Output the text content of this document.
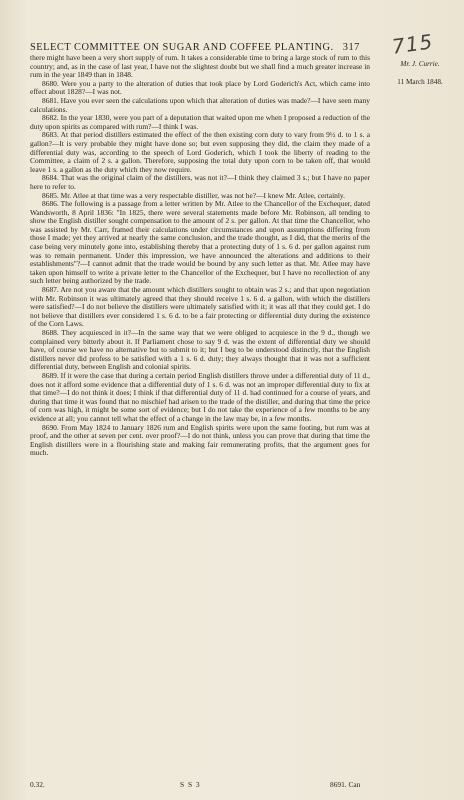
SELECT COMMITTEE ON SUGAR AND COFFEE PLANTING. 317 715
Mr. J. Currie.
11 March 1848.

there might have been a very short supply of rum. It takes a considerable time to bring a large stock of rum to this country; and, as in the case of last year, I have not the slightest doubt but we shall find a much greater increase in rum in the year 1849 than in 1848.

8680. Were you a party to the alteration of duties that took place by Lord Goderich's Act, which came into effect about 1828?—I was not.

8681. Have you ever seen the calculations upon which that alteration of duties was made?—I have seen many calculations.

8682. In the year 1830, were you part of a deputation that waited upon me when I proposed a reduction of the duty upon spirits as compared with rum?—I think I was.

8683. At that period distillers estimated the effect of the then existing corn duty to vary from 9½ d. to 1 s. a gallon?—It is very probable they might have done so; but even supposing they did, the claim they made of a differential duty was, according to the speech of Lord Goderich, which I took the liberty of reading to the Committee, a claim of 2 s. a gallon. Therefore, supposing the total duty upon corn to be taken off, that would leave 1 s. a gallon as the duty which they now require.

8684. That was the original claim of the distillers, was not it?—I think they claimed 3 s.; but I have no paper here to refer to.

8685. Mr. Atlee at that time was a very respectable distiller, was not he?—I knew Mr. Atlee, certainly.

8686. The following is a passage from a letter written by Mr. Atlee to the Chancellor of the Exchequer, dated Wandsworth, 8 April 1836: "In 1825, there were several statements made before Mr. Robinson, all tending to show the English distiller sought compensation to the amount of 2 s. per gallon. At that time the Chancellor, who was assisted by Mr. Carr, framed their calculations under circumstances and upon assumptions differing from those I made; yet they arrived at nearly the same conclusion, and the trade thought, as I did, that the merits of the case being very minutely gone into, establishing thereby that a protecting duty of 1 s. 6 d. per gallon against rum was to remain permanent. Under this impression, we have announced the alterations and additions to their establishments"?—I cannot admit that the trade would be bound by any such letter as that. Mr. Atlee may have taken upon himself to write a private letter to the Chancellor of the Exchequer, but I have no recollection of any such letter being authorized by the trade.

8687. Are not you aware that the amount which distillers sought to obtain was 2 s.; and that upon negotiation with Mr. Robinson it was ultimately agreed that they should receive 1 s. 6 d. a gallon, with which the distillers were satisfied?—I do not believe the distillers were ultimately satisfied with it; it was all that they could get. I do not believe that distillers ever considered 1 s. 6 d. to be a fair protecting or differential duty during the existence of the Corn Laws.

8688. They acquiesced in it?—In the same way that we were obliged to acquiesce in the 9 d., though we complained very bitterly about it. If Parliament chose to say 9 d. was the extent of differential duty we should have, of course we have no alternative but to submit to it; but I beg to be understood distinctly, that the English distillers never did profess to be satisfied with a 1 s. 6 d. duty; they always thought that it was not a sufficient differential duty, between English and colonial spirits.

8689. If it were the case that during a certain period English distillers throve under a differential duty of 11 d., does not it afford some evidence that a differential duty of 1 s. 6 d. was not an improper differential duty to fix at that time?—I do not think it does; I think if that differential duty of 11 d. had continued for a course of years, and during that time it was found that no mischief had arisen to the trade of the distiller, and during that time the price of corn was high, it might be some sort of evidence; but I do not take the experience of a few months to be any evidence at all; you cannot tell what the effect of a change in the law may be, in a few months.

8690. From May 1824 to January 1826 rum and English spirits were upon the same footing, but rum was at proof, and the other at seven per cent. over proof?—I do not think, unless you can prove that during that time the English distillers were in a flourishing state and making fair remunerating profits, that the argument goes for much.

0.32.	S S 3	8691. Can
